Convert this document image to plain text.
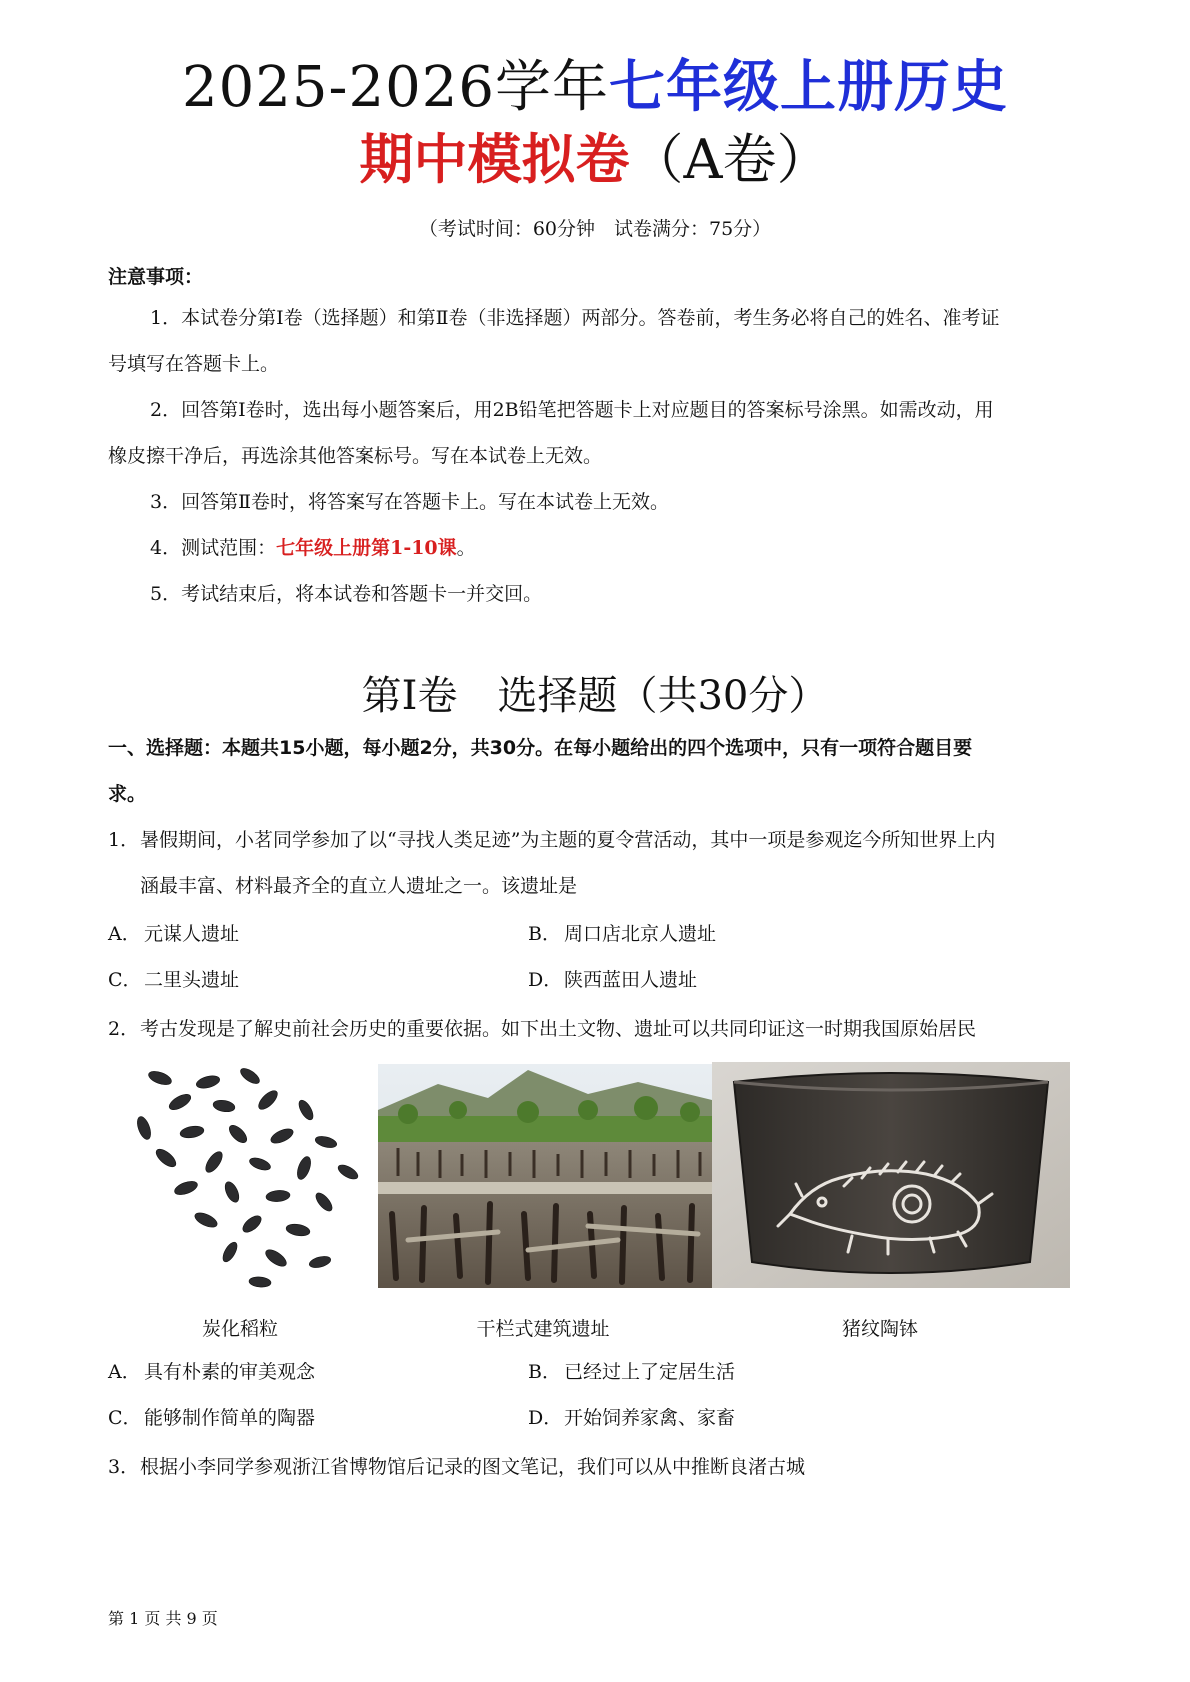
2025-2026学年七年级上册历史
期中模拟卷（A卷）
（考试时间：60分钟　试卷满分：75分）
注意事项：
1．本试卷分第Ⅰ卷（选择题）和第Ⅱ卷（非选择题）两部分。答卷前，考生务必将自己的姓名、准考证
号填写在答题卡上。
2．回答第Ⅰ卷时，选出每小题答案后，用2B铅笔把答题卡上对应题目的答案标号涂黑。如需改动，用
橡皮擦干净后，再选涂其他答案标号。写在本试卷上无效。
3．回答第Ⅱ卷时，将答案写在答题卡上。写在本试卷上无效。
4．测试范围：七年级上册第1-10课。
5．考试结束后，将本试卷和答题卡一并交回。
第Ⅰ卷　选择题（共30分）
一、选择题：本题共15小题，每小题2分，共30分。在每小题给出的四个选项中，只有一项符合题目要
求。
1．暑假期间，小茗同学参加了以“寻找人类足迹”为主题的夏令营活动，其中一项是参观迄今所知世界上内
涵最丰富、材料最齐全的直立人遗址之一。该遗址是
A． 元谋人遗址	B． 周口店北京人遗址
C． 二里头遗址	D．陕西蓝田人遗址
2．考古发现是了解史前社会历史的重要依据。如下出土文物、遗址可以共同印证这一时期我国原始居民
炭化稻粒	干栏式建筑遗址	猪纹陶钵
A． 具有朴素的审美观念	B． 已经过上了定居生活
C． 能够制作简单的陶器	D．开始饲养家禽、家畜
3．根据小李同学参观浙江省博物馆后记录的图文笔记，我们可以从中推断良渚古城
第 1 页 共 9 页
